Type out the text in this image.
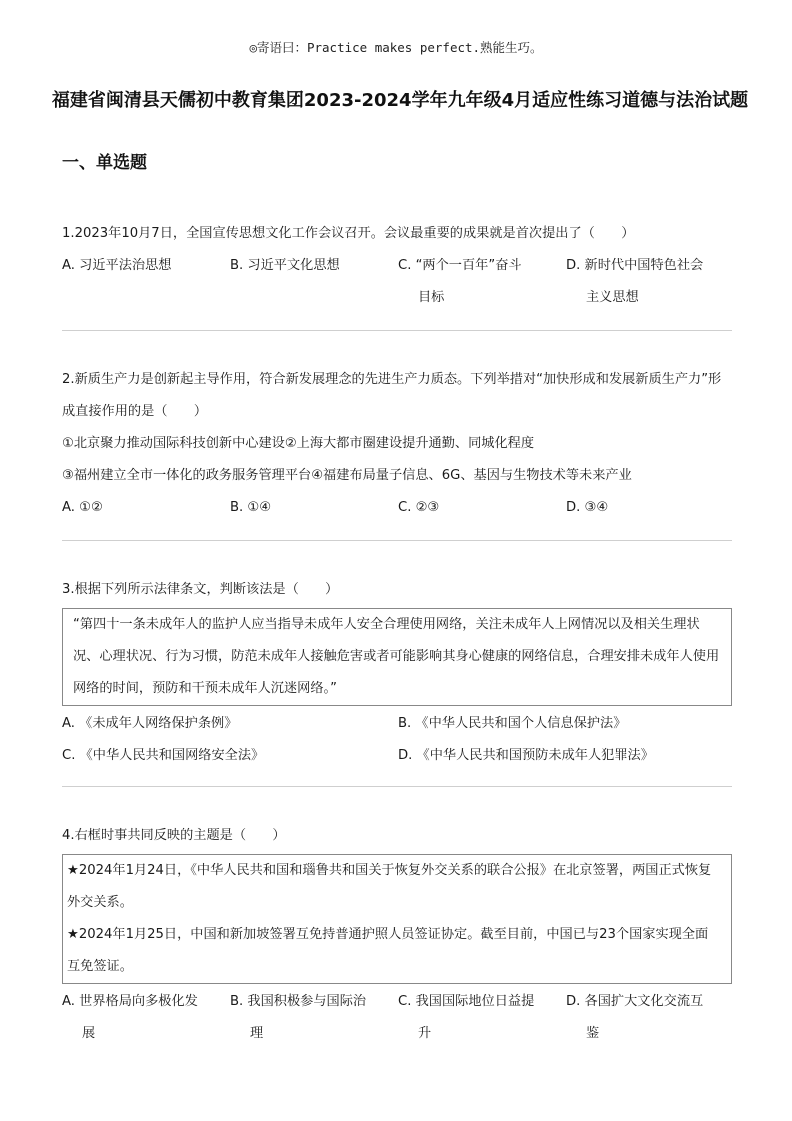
◎寄语曰：Practice makes perfect.熟能生巧。
福建省闽清县天儒初中教育集团2023-2024学年九年级4月适应性练习道德与法治试题
一、单选题
1.2023年10月7日，全国宣传思想文化工作会议召开。会议最重要的成果就是首次提出了（　　）
A. 习近平法治思想	B. 习近平文化思想	C. “两个一百年”奋斗
目标
D. 新时代中国特色社会
主义思想
2.新质生产力是创新起主导作用，符合新发展理念的先进生产力质态。下列举措对“加快形成和发展新质生产力”形成直接作用的是（　　）
①北京聚力推动国际科技创新中心建设②上海大都市圈建设提升通勤、同城化程度
③福州建立全市一体化的政务服务管理平台④福建布局量子信息、6G、基因与生物技术等未来产业
A. ①②	B. ①④	C. ②③	D. ③④
3.根据下列所示法律条文，判断该法是（　　）
“第四十一条未成年人的监护人应当指导未成年人安全合理使用网络，关注未成年人上网情况以及相关生理状况、心理状况、行为习惯，防范未成年人接触危害或者可能影响其身心健康的网络信息，合理安排未成年人使用网络的时间，预防和干预未成年人沉迷网络。”
A. 《未成年人网络保护条例》	B. 《中华人民共和国个人信息保护法》
C. 《中华人民共和国网络安全法》	D. 《中华人民共和国预防未成年人犯罪法》
4.右框时事共同反映的主题是（　　）
★2024年1月24日，《中华人民共和国和瑙鲁共和国关于恢复外交关系的联合公报》在北京签署，两国正式恢复外交关系。
★2024年1月25日，中国和新加坡签署互免持普通护照人员签证协定。截至目前，中国已与23个国家实现全面互免签证。
A. 世界格局向多极化发
展
B. 我国积极参与国际治
理
C. 我国国际地位日益提
升
D. 各国扩大文化交流互
鉴
